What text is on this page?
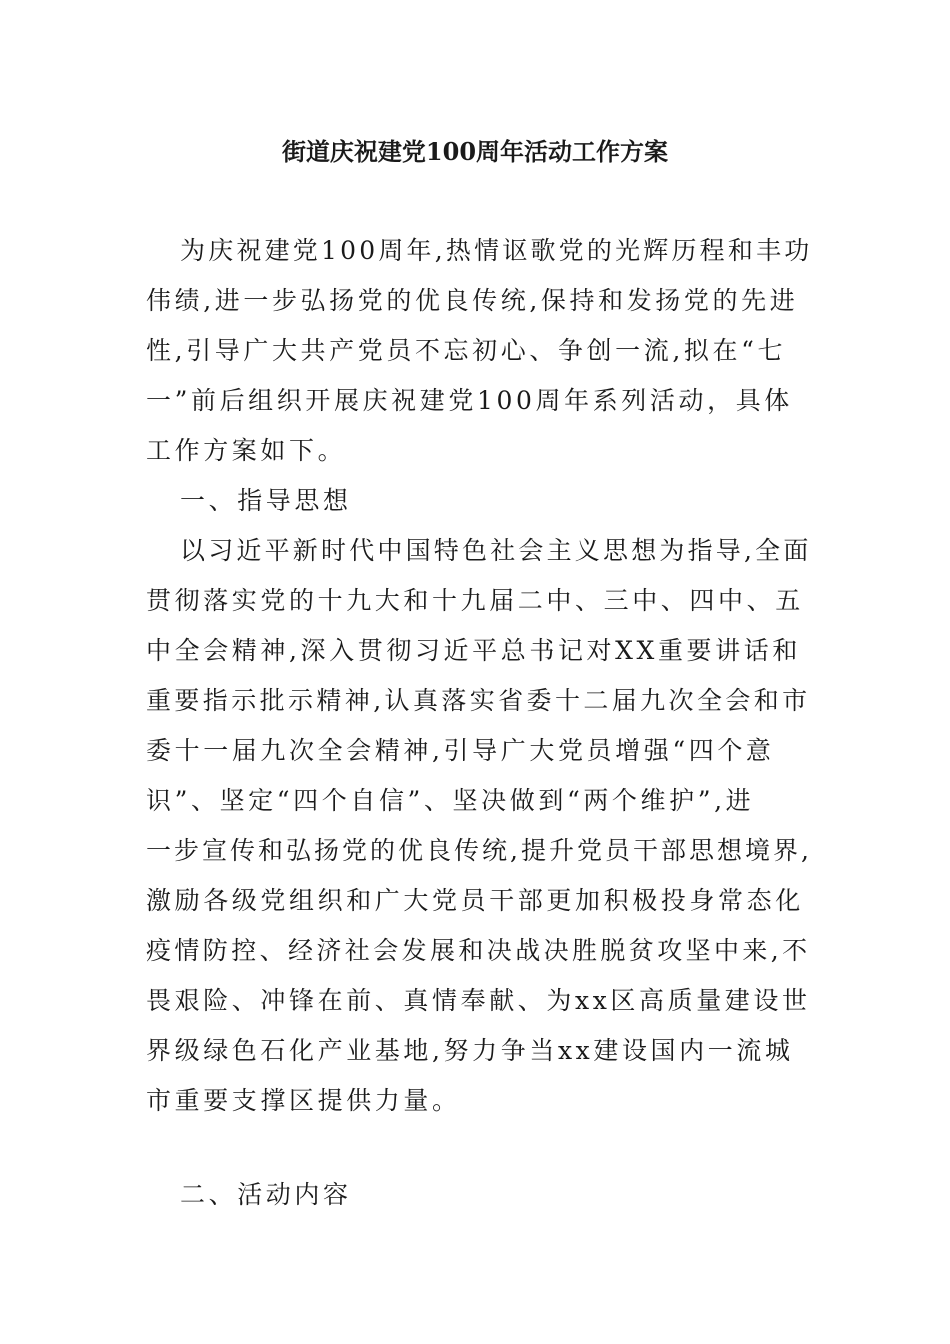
街道庆祝建党100周年活动工作方案
为庆祝建党100周年,热情讴歌党的光辉历程和丰功
伟绩,进一步弘扬党的优良传统,保持和发扬党的先进
性,引导广大共产党员不忘初心、争创一流,拟在“七
一”前后组织开展庆祝建党100周年系列活动，具体
工作方案如下。
一、指导思想
以习近平新时代中国特色社会主义思想为指导,全面
贯彻落实党的十九大和十九届二中、三中、四中、五
中全会精神,深入贯彻习近平总书记对XX重要讲话和
重要指示批示精神,认真落实省委十二届九次全会和市
委十一届九次全会精神,引导广大党员增强“四个意
识”、坚定“四个自信”、坚决做到“两个维护”,进
一步宣传和弘扬党的优良传统,提升党员干部思想境界,
激励各级党组织和广大党员干部更加积极投身常态化
疫情防控、经济社会发展和决战决胜脱贫攻坚中来,不
畏艰险、冲锋在前、真情奉献、为xx区高质量建设世
界级绿色石化产业基地,努力争当xx建设国内一流城
市重要支撑区提供力量。
二、活动内容
